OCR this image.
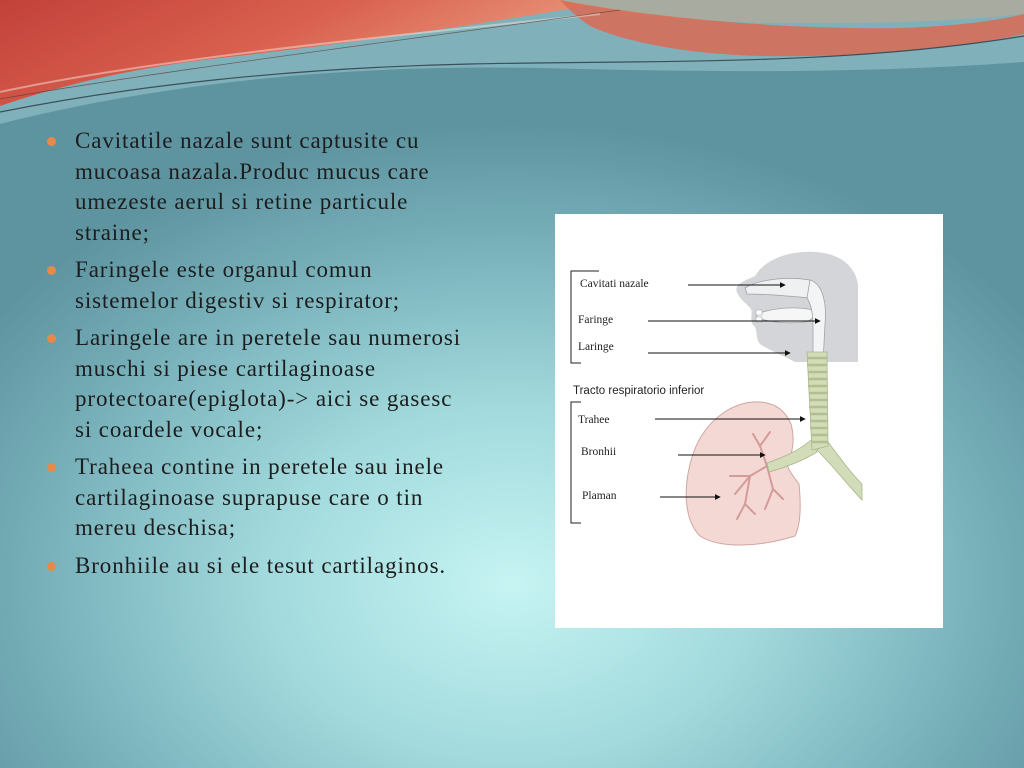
Cavitatile nazale sunt captusite cu
mucoasa nazala.Produc mucus care
umezeste aerul si retine particule
straine;
Faringele este organul comun
sistemelor digestiv si respirator;
Laringele are in peretele sau numerosi
muschi si piese cartilaginoase
protectoare(epiglota)-> aici se gasesc
si coardele vocale;
Traheea contine in peretele sau inele
cartilaginoase suprapuse care o tin
mereu deschisa;
Bronhiile au si ele tesut cartilaginos.
Cavitati nazale
Faringe
Laringe
Tracto respiratorio inferior
Trahee
Bronhii
Plaman
